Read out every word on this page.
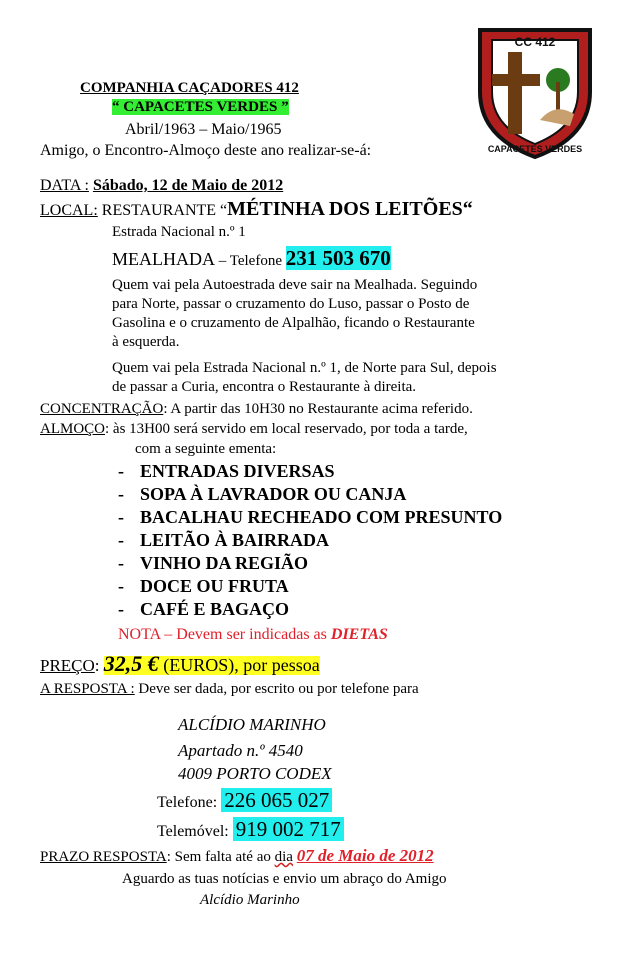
CC 412
CAPACETES VERDES
COMPANHIA CAÇADORES 412
“ CAPACETES VERDES ”
Abril/1963 – Maio/1965
Amigo, o Encontro-Almoço deste ano realizar-se-á:
DATA : Sábado, 12 de Maio de 2012
LOCAL: RESTAURANTE “MÉTINHA DOS LEITÕES“
Estrada Nacional n.º 1
MEALHADA – Telefone 231 503 670
Quem vai pela Autoestrada deve sair na Mealhada. Seguindo
para Norte, passar o cruzamento do Luso, passar o Posto de
Gasolina e o cruzamento de Alpalhão, ficando o Restaurante
à esquerda.
Quem vai pela Estrada Nacional n.º 1, de Norte para Sul, depois
de passar a Curia, encontra o Restaurante à direita.
CONCENTRAÇÃO: A partir das 10H30 no Restaurante acima referido.
ALMOÇO: às 13H00 será servido em local reservado, por toda a tarde,
com a seguinte ementa:
- ENTRADAS DIVERSAS
- SOPA À LAVRADOR OU CANJA
- BACALHAU RECHEADO COM PRESUNTO
- LEITÃO À BAIRRADA
- VINHO DA REGIÃO
- DOCE OU FRUTA
- CAFÉ E BAGAÇO
NOTA – Devem ser indicadas as DIETAS
PREÇO: 32,5 € (EUROS), por pessoa
A RESPOSTA : Deve ser dada, por escrito ou por telefone para
ALCÍDIO MARINHO
Apartado n.º 4540
4009 PORTO CODEX
Telefone: 226 065 027
Telemóvel: 919 002 717
PRAZO RESPOSTA: Sem falta até ao dia 07 de Maio de 2012
Aguardo as tuas notícias e envio um abraço do Amigo
Alcídio Marinho
